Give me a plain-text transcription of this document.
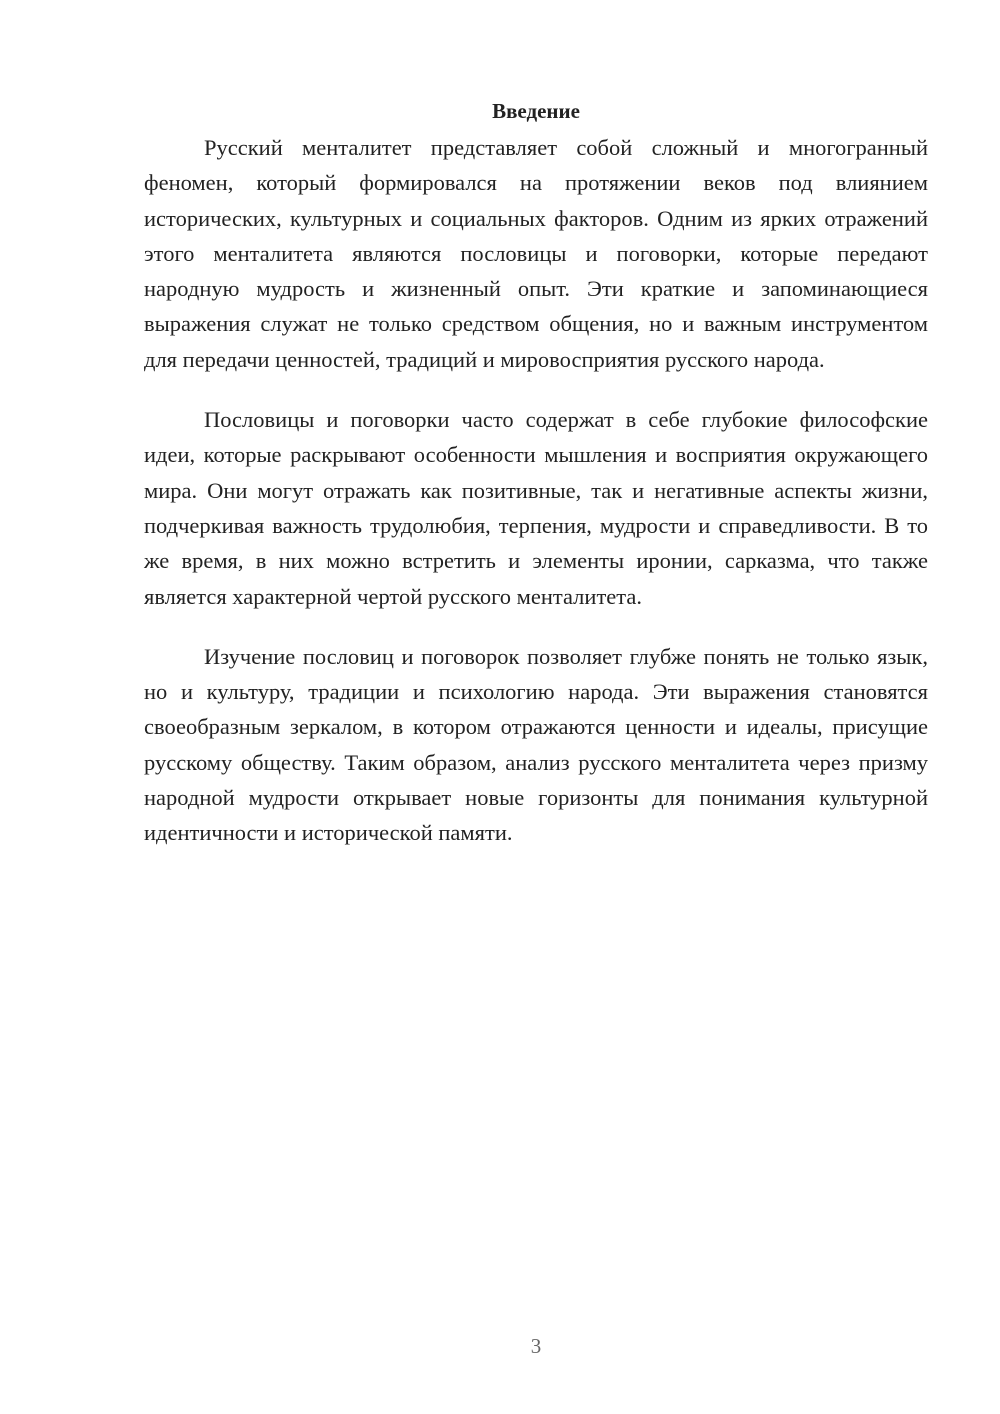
Введение

Русский менталитет представляет собой сложный и многогранный феномен, который формировался на протяжении веков под влиянием исторических, культурных и социальных факторов. Одним из ярких отражений этого менталитета являются пословицы и поговорки, которые передают народную мудрость и жизненный опыт. Эти краткие и запоминающиеся выражения служат не только средством общения, но и важным инструментом для передачи ценностей, традиций и мировосприятия русского народа.

Пословицы и поговорки часто содержат в себе глубокие философские идеи, которые раскрывают особенности мышления и восприятия окружающего мира. Они могут отражать как позитивные, так и негативные аспекты жизни, подчеркивая важность трудолюбия, терпения, мудрости и справедливости. В то же время, в них можно встретить и элементы иронии, сарказма, что также является характерной чертой русского менталитета.

Изучение пословиц и поговорок позволяет глубже понять не только язык, но и культуру, традиции и психологию народа. Эти выражения становятся своеобразным зеркалом, в котором отражаются ценности и идеалы, присущие русскому обществу. Таким образом, анализ русского менталитета через призму народной мудрости открывает новые горизонты для понимания культурной идентичности и исторической памяти.

3
